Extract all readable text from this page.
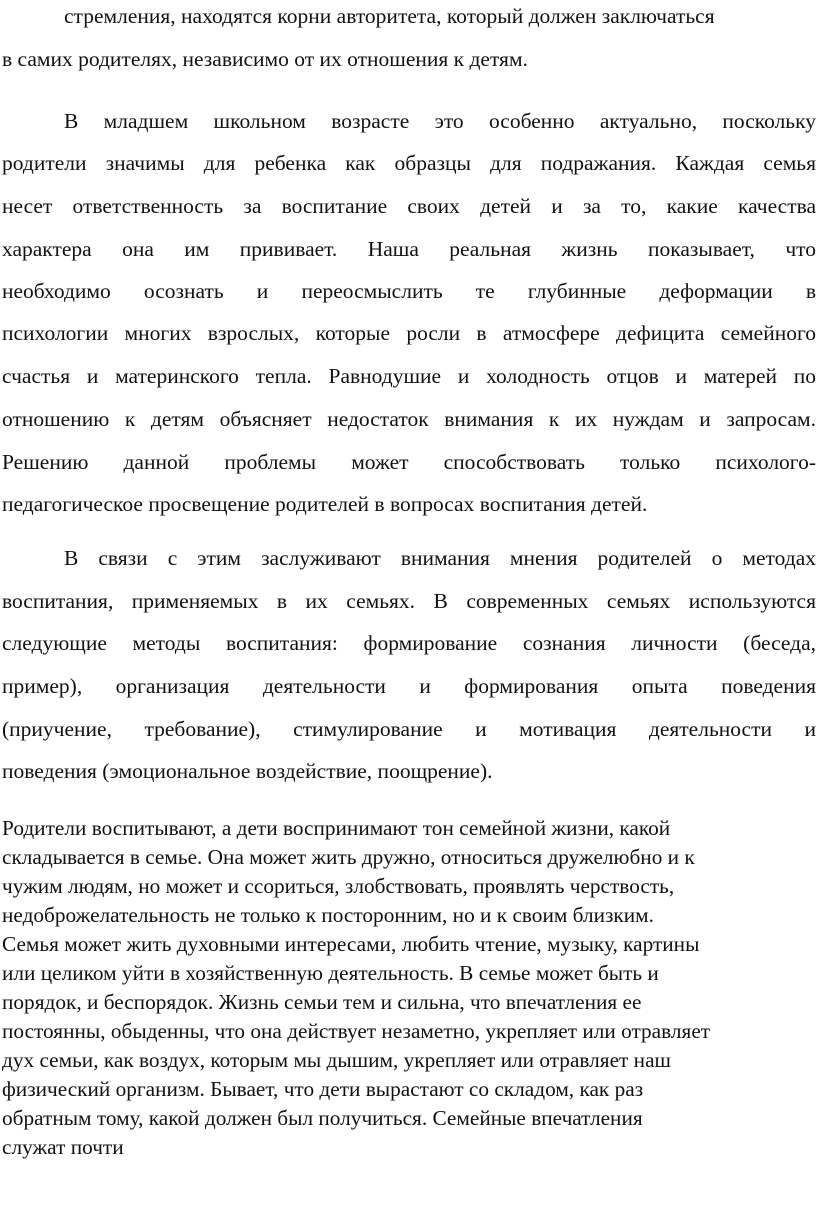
стремления, находятся корни авторитета, который должен заключаться
в самих родителях, независимо от их отношения к детям.
В младшем школьном возрасте это особенно актуально, поскольку
родители значимы для ребенка как образцы для подражания. Каждая семья
несет ответственность за воспитание своих детей и за то, какие качества
характера она им прививает. Наша реальная жизнь показывает, что
необходимо осознать и переосмыслить те глубинные деформации в
психологии многих взрослых, которые росли в атмосфере дефицита семейного
счастья и материнского тепла. Равнодушие и холодность отцов и матерей по
отношению к детям объясняет недостаток внимания к их нуждам и запросам.
Решению данной проблемы может способствовать только психолого-
педагогическое просвещение родителей в вопросах воспитания детей.
В связи с этим заслуживают внимания мнения родителей о методах
воспитания, применяемых в их семьях. В современных семьях используются
следующие методы воспитания: формирование сознания личности (беседа,
пример), организация деятельности и формирования опыта поведения
(приучение, требование), стимулирование и мотивация деятельности и
поведения (эмоциональное воздействие, поощрение).
Родители воспитывают, а дети воспринимают тон семейной жизни, какой
складывается в семье. Она может жить дружно, относиться дружелюбно и к
чужим людям, но может и ссориться, злобствовать, проявлять черствость,
недоброжелательность не только к посторонним, но и к своим близким.
Семья может жить духовными интересами, любить чтение, музыку, картины
или целиком уйти в хозяйственную деятельность. В семье может быть и
порядок, и беспорядок. Жизнь семьи тем и сильна, что впечатления ее
постоянны, обыденны, что она действует незаметно, укрепляет или отравляет
дух семьи, как воздух, которым мы дышим, укрепляет или отравляет наш
физический организм. Бывает, что дети вырастают со складом, как раз
обратным тому, какой должен был получиться. Семейные впечатления
служат почти
